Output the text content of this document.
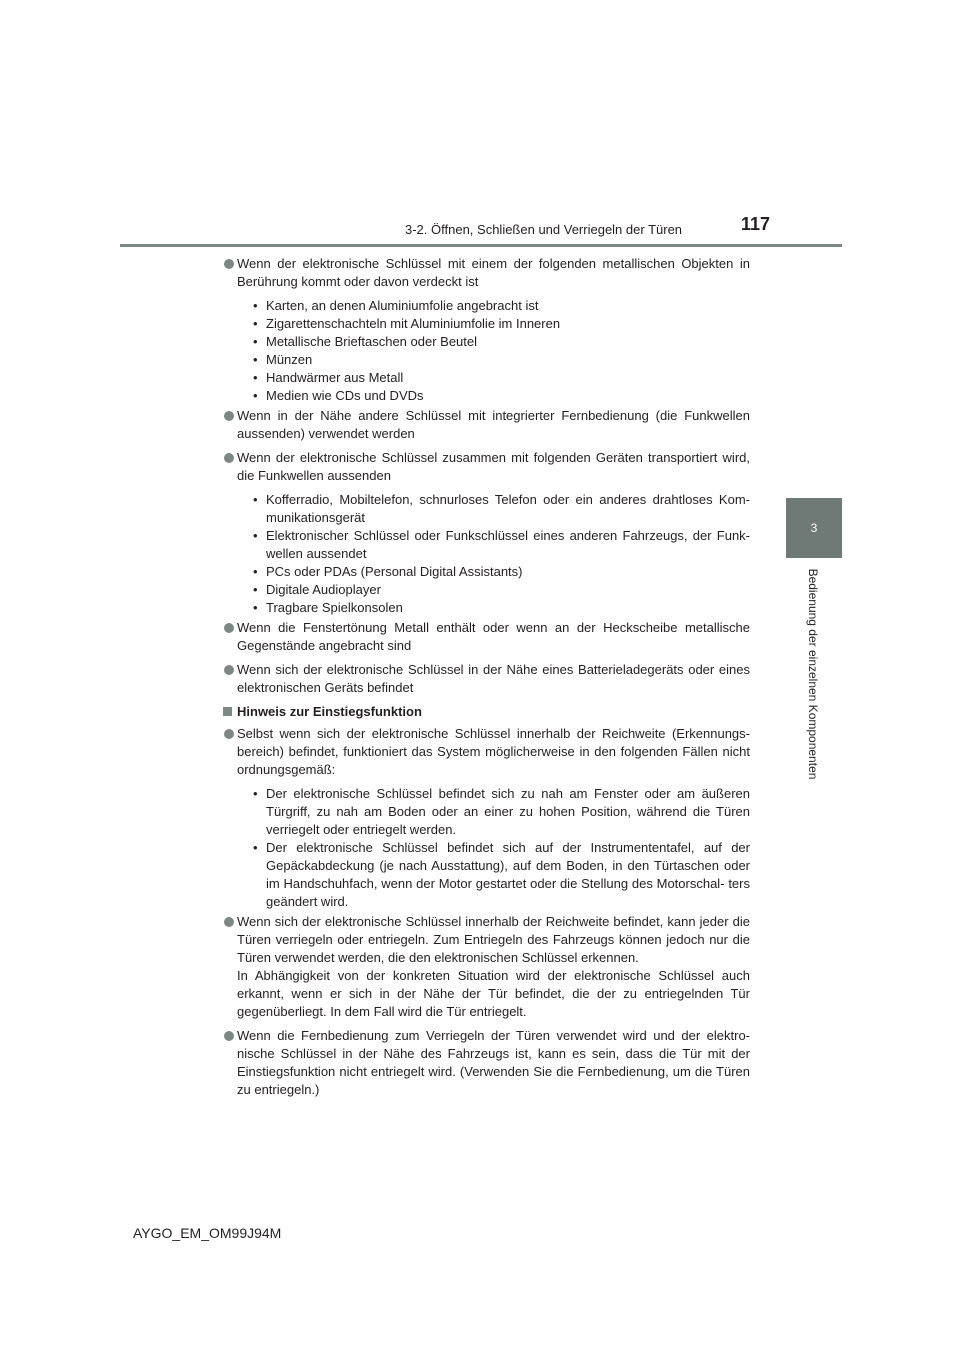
3-2. Öffnen, Schließen und Verriegeln der Türen	117
3
Bedienung der einzelnen Komponenten
Wenn der elektronische Schlüssel mit einem der folgenden metallischen Objekten in Berührung kommt oder davon verdeckt ist
• Karten, an denen Aluminiumfolie angebracht ist
• Zigarettenschachteln mit Aluminiumfolie im Inneren
• Metallische Brieftaschen oder Beutel
• Münzen
• Handwärmer aus Metall
• Medien wie CDs und DVDs
Wenn in der Nähe andere Schlüssel mit integrierter Fernbedienung (die Funkwellen aussenden) verwendet werden
Wenn der elektronische Schlüssel zusammen mit folgenden Geräten transportiert wird, die Funkwellen aussenden
• Kofferradio, Mobiltelefon, schnurloses Telefon oder ein anderes drahtloses Kom- munikationsgerät
• Elektronischer Schlüssel oder Funkschlüssel eines anderen Fahrzeugs, der Funk- wellen aussendet
• PCs oder PDAs (Personal Digital Assistants)
• Digitale Audioplayer
• Tragbare Spielkonsolen
Wenn die Fenstertönung Metall enthält oder wenn an der Heckscheibe metallische Gegenstände angebracht sind
Wenn sich der elektronische Schlüssel in der Nähe eines Batterieladegeräts oder eines elektronischen Geräts befindet
Hinweis zur Einstiegsfunktion
Selbst wenn sich der elektronische Schlüssel innerhalb der Reichweite (Erkennungs- bereich) befindet, funktioniert das System möglicherweise in den folgenden Fällen nicht ordnungsgemäß:
• Der elektronische Schlüssel befindet sich zu nah am Fenster oder am äußeren Türgriff, zu nah am Boden oder an einer zu hohen Position, während die Türen verriegelt oder entriegelt werden.
• Der elektronische Schlüssel befindet sich auf der Instrumententafel, auf der Gepäckabdeckung (je nach Ausstattung), auf dem Boden, in den Türtaschen oder im Handschuhfach, wenn der Motor gestartet oder die Stellung des Motorschal- ters geändert wird.
Wenn sich der elektronische Schlüssel innerhalb der Reichweite befindet, kann jeder die Türen verriegeln oder entriegeln. Zum Entriegeln des Fahrzeugs können jedoch nur die Türen verwendet werden, die den elektronischen Schlüssel erkennen.
In Abhängigkeit von der konkreten Situation wird der elektronische Schlüssel auch erkannt, wenn er sich in der Nähe der Tür befindet, die der zu entriegelnden Tür gegenüberliegt. In dem Fall wird die Tür entriegelt.
Wenn die Fernbedienung zum Verriegeln der Türen verwendet wird und der elektro- nische Schlüssel in der Nähe des Fahrzeugs ist, kann es sein, dass die Tür mit der Einstiegsfunktion nicht entriegelt wird. (Verwenden Sie die Fernbedienung, um die Türen zu entriegeln.)
AYGO_EM_OM99J94M
